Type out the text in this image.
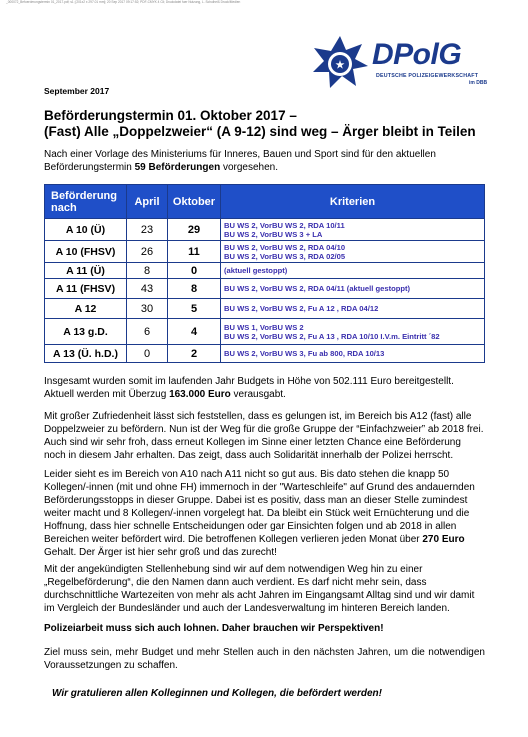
_000072_Befoerderungstermin 01_2017.pdf; s1; [201x2 x 297.01 mm]; 20 Sep 2017 09:17:52; PDF-CMYK 4 Cli; Druckdatei fuer Nutzung, L. Schulheiß Druck/Medien
★ DPolG
DEUTSCHE POLIZEIGEWERKSCHAFT
im DBB
September 2017
Beförderungstermin 01. Oktober 2017 –
(Fast) Alle „Doppelzweier“ (A 9-12) sind weg – Ärger bleibt in Teilen
Nach einer Vorlage des Ministeriums für Inneres, Bauen und Sport sind für den aktuellen Beförderungstermin 59 Beförderungen vorgesehen.
Beförderung nach	April	Oktober	Kriterien
A 10 (Ü)	23	29	BU WS 2, VorBU WS 2, RDA 10/11
BU WS 2, VorBU WS 3 + LA

A 10 (FHSV)	26	11	BU WS 2, VorBU WS 2, RDA 04/10
BU WS 2, VorBU WS 3, RDA 02/05

A 11 (Ü)	8	0	(aktuell gestoppt)

A 11 (FHSV)	43	8	BU WS 2, VorBU WS 2, RDA 04/11 (aktuell gestoppt)

A 12	30	5	BU WS 2, VorBU WS 2, Fu A 12 , RDA 04/12

A 13 g.D.	6	4	BU WS 1, VorBU WS 2
BU WS 2, VorBU WS 2, Fu A 13 , RDA 10/10 I.V.m. Eintritt ´82

A 13 (Ü. h.D.)	0	2	BU WS 2, VorBU WS 3, Fu ab 800, RDA 10/13
Insgesamt wurden somit im laufenden Jahr Budgets in Höhe von 502.111 Euro bereitgestellt. Aktuell werden mit Überzug 163.000 Euro verausgabt.
Mit großer Zufriedenheit lässt sich feststellen, dass es gelungen ist, im Bereich bis A12 (fast) alle Doppelzweier zu befördern. Nun ist der Weg für die große Gruppe der “Einfachzweier” ab 2018 frei. Auch sind wir sehr froh, dass erneut Kollegen im Sinne einer letzten Chance eine Beförderung noch in diesem Jahr erhalten. Das zeigt, dass auch Solidarität innerhalb der Polizei herrscht.
Leider sieht es im Bereich von A10 nach A11 nicht so gut aus. Bis dato stehen die knapp 50 Kollegen/-innen (mit und ohne FH) immernoch in der "Warteschleife" auf Grund des andauernden Beförderungsstopps in dieser Gruppe. Dabei ist es positiv, dass man an dieser Stelle zumindest weiter macht und 8 Kollegen/-innen vorgelegt hat. Da bleibt ein Stück weit Ernüchterung und die Hoffnung, dass hier schnelle Entscheidungen oder gar Einsichten folgen und ab 2018 in allen Bereichen weiter befördert wird. Die betroffenen Kollegen verlieren jeden Monat über 270 Euro Gehalt. Der Ärger ist hier sehr groß und das zurecht!
Mit der angekündigten Stellenhebung sind wir auf dem notwendigen Weg hin zu einer „Regelbeförderung“, die den Namen dann auch verdient. Es darf nicht mehr sein, dass durchschnittliche Wartezeiten von mehr als acht Jahren im Eingangsamt Alltag sind und wir damit im Vergleich der Bundesländer und auch der Landesverwaltung im hinteren Bereich landen.
Polizeiarbeit muss sich auch lohnen. Daher brauchen wir Perspektiven!
Ziel muss sein, mehr Budget und mehr Stellen auch in den nächsten Jahren, um die notwendigen Voraussetzungen zu schaffen.
Wir gratulieren allen Kolleginnen und Kollegen, die befördert werden!
